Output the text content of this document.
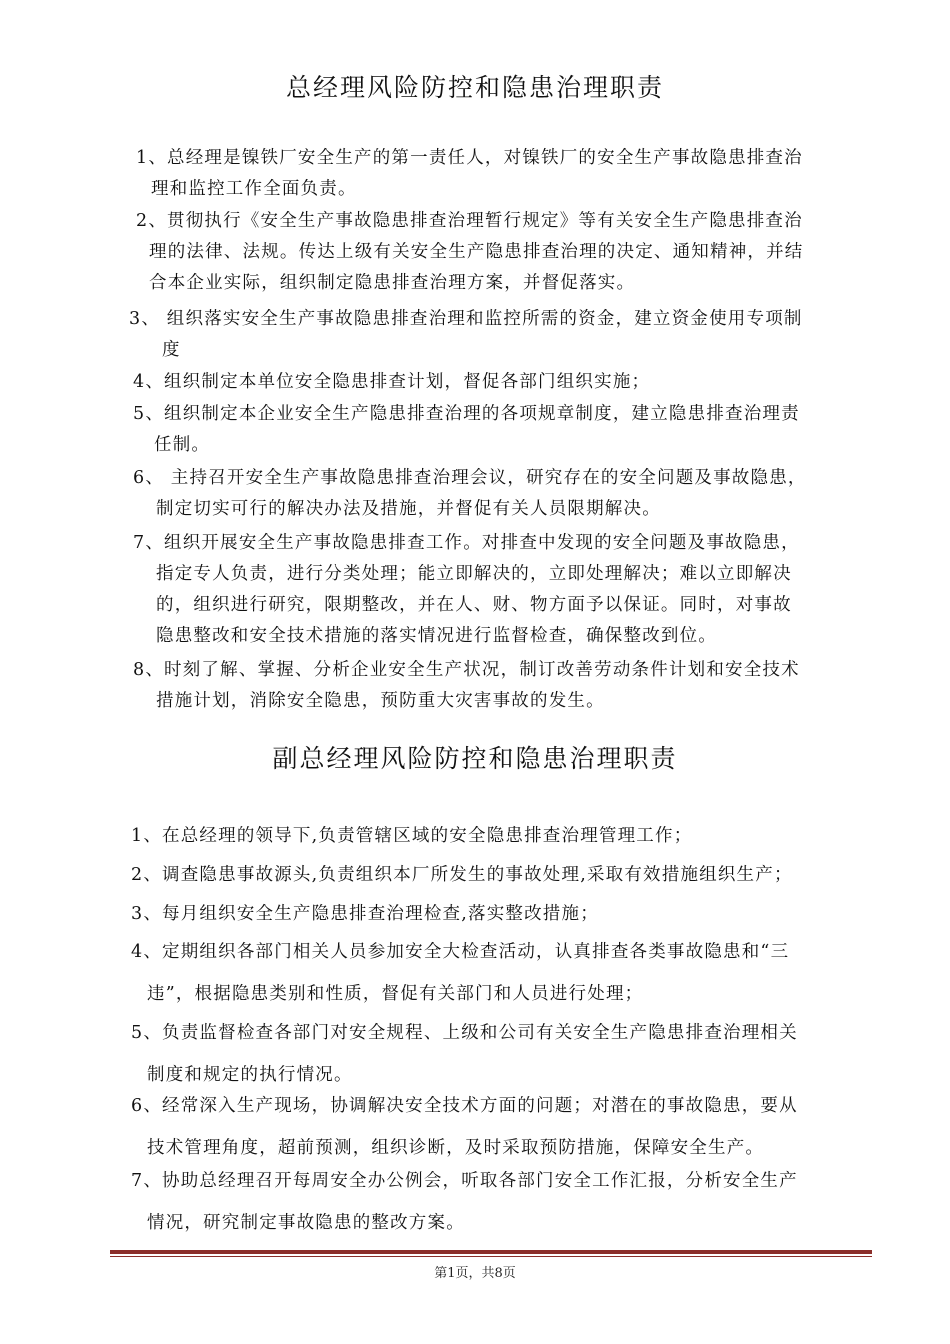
总经理风险防控和隐患治理职责
1、总经理是镍铁厂安全生产的第一责任人，对镍铁厂的安全生产事故隐患排查治
理和监控工作全面负责。
2、贯彻执行《安全生产事故隐患排查治理暂行规定》等有关安全生产隐患排查治
理的法律、法规。传达上级有关安全生产隐患排查治理的决定、通知精神，并结
合本企业实际，组织制定隐患排查治理方案，并督促落实。
3、 组织落实安全生产事故隐患排查治理和监控所需的资金，建立资金使用专项制
度
4、组织制定本单位安全隐患排查计划，督促各部门组织实施；
5、组织制定本企业安全生产隐患排查治理的各项规章制度，建立隐患排查治理责
任制。
6、 主持召开安全生产事故隐患排查治理会议，研究存在的安全问题及事故隐患，
制定切实可行的解决办法及措施，并督促有关人员限期解决。
7、组织开展安全生产事故隐患排查工作。对排查中发现的安全问题及事故隐患，
指定专人负责，进行分类处理；能立即解决的，立即处理解决；难以立即解决
的，组织进行研究，限期整改，并在人、财、物方面予以保证。同时，对事故
隐患整改和安全技术措施的落实情况进行监督检查，确保整改到位。
8、时刻了解、掌握、分析企业安全生产状况，制订改善劳动条件计划和安全技术
措施计划，消除安全隐患，预防重大灾害事故的发生。
副总经理风险防控和隐患治理职责
1、在总经理的领导下,负责管辖区域的安全隐患排查治理管理工作；
2、调查隐患事故源头,负责组织本厂所发生的事故处理,采取有效措施组织生产；
3、每月组织安全生产隐患排查治理检查,落实整改措施；
4、定期组织各部门相关人员参加安全大检查活动，认真排查各类事故隐患和“三
违”，根据隐患类别和性质，督促有关部门和人员进行处理；
5、负责监督检查各部门对安全规程、上级和公司有关安全生产隐患排查治理相关
制度和规定的执行情况。
6、经常深入生产现场，协调解决安全技术方面的问题；对潜在的事故隐患，要从
技术管理角度，超前预测，组织诊断，及时采取预防措施，保障安全生产。
7、协助总经理召开每周安全办公例会，听取各部门安全工作汇报，分析安全生产
情况，研究制定事故隐患的整改方案。
第1页，共8页
